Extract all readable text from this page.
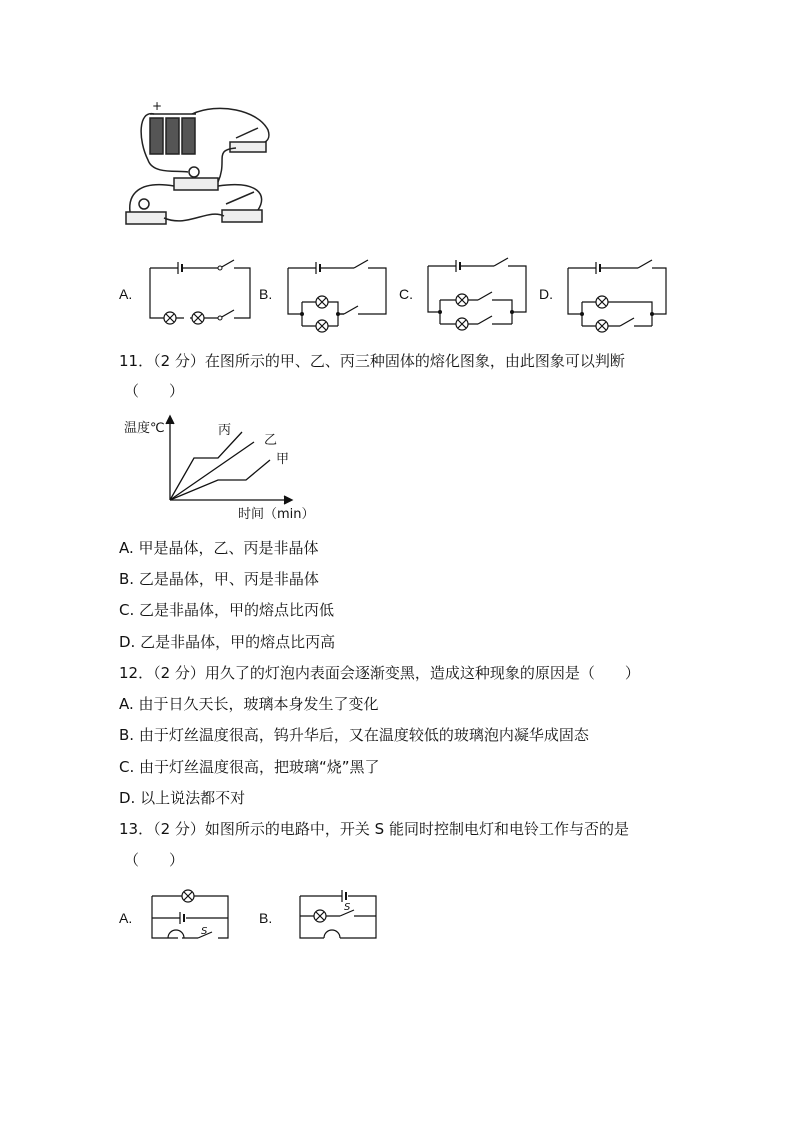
+
A.	B.	C.	D.
11．（2 分）在图所示的甲、乙、丙三种固体的熔化图象，由此图象可以判断
（　　）
温度℃
时间（min）
丙
乙
甲
A. 甲是晶体，乙、丙是非晶体
B. 乙是晶体，甲、丙是非晶体
C. 乙是非晶体，甲的熔点比丙低
D. 乙是非晶体，甲的熔点比丙高
12．（2 分）用久了的灯泡内表面会逐渐变黑，造成这种现象的原因是（　　）
A. 由于日久天长，玻璃本身发生了变化
B. 由于灯丝温度很高，钨升华后，又在温度较低的玻璃泡内凝华成固态
C. 由于灯丝温度很高，把玻璃“烧”黑了
D. 以上说法都不对
13．（2 分）如图所示的电路中，开关 S 能同时控制电灯和电铃工作与否的是
（　　）
A.
S
B.
S
